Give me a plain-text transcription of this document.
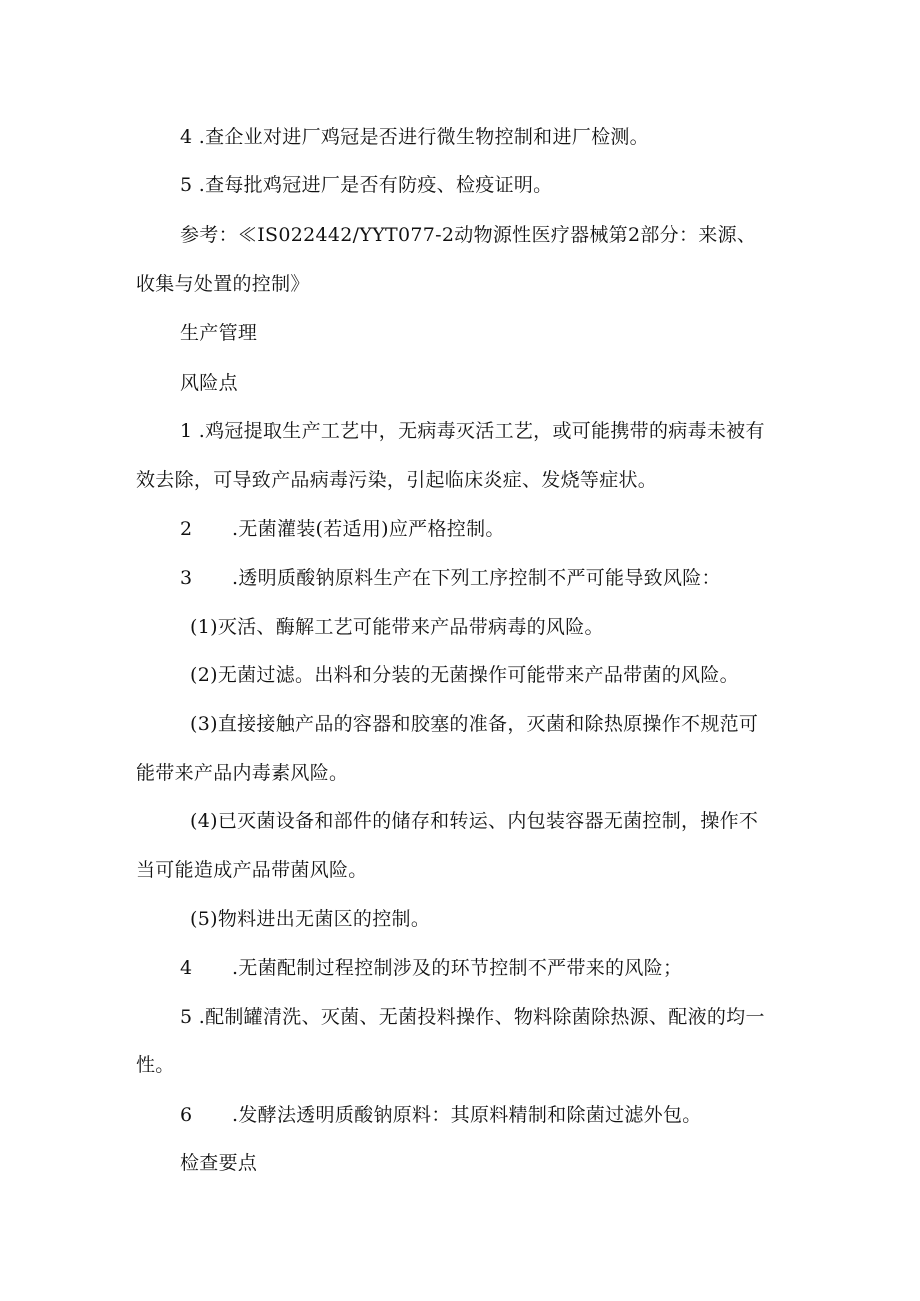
4 .查企业对进厂鸡冠是否进行微生物控制和进厂检测。
5 .查每批鸡冠进厂是否有防疫、检疫证明。
参考：≪IS022442/YYT077-2动物源性医疗器械第2部分：来源、
收集与处置的控制》
生产管理
风险点
1 .鸡冠提取生产工艺中，无病毒灭活工艺，或可能携带的病毒未被有
效去除，可导致产品病毒污染，引起临床炎症、发烧等症状。
2 .无菌灌装(若适用)应严格控制。
3 .透明质酸钠原料生产在下列工序控制不严可能导致风险：
(1)灭活、酶解工艺可能带来产品带病毒的风险。
(2)无菌过滤。出料和分装的无菌操作可能带来产品带菌的风险。
(3)直接接触产品的容器和胶塞的准备，灭菌和除热原操作不规范可
能带来产品内毒素风险。
(4)已灭菌设备和部件的储存和转运、内包装容器无菌控制，操作不
当可能造成产品带菌风险。
(5)物料进出无菌区的控制。
4 .无菌配制过程控制涉及的环节控制不严带来的风险；
5 .配制罐清洗、灭菌、无菌投料操作、物料除菌除热源、配液的均一
性。
6 .发酵法透明质酸钠原料：其原料精制和除菌过滤外包。
检查要点
